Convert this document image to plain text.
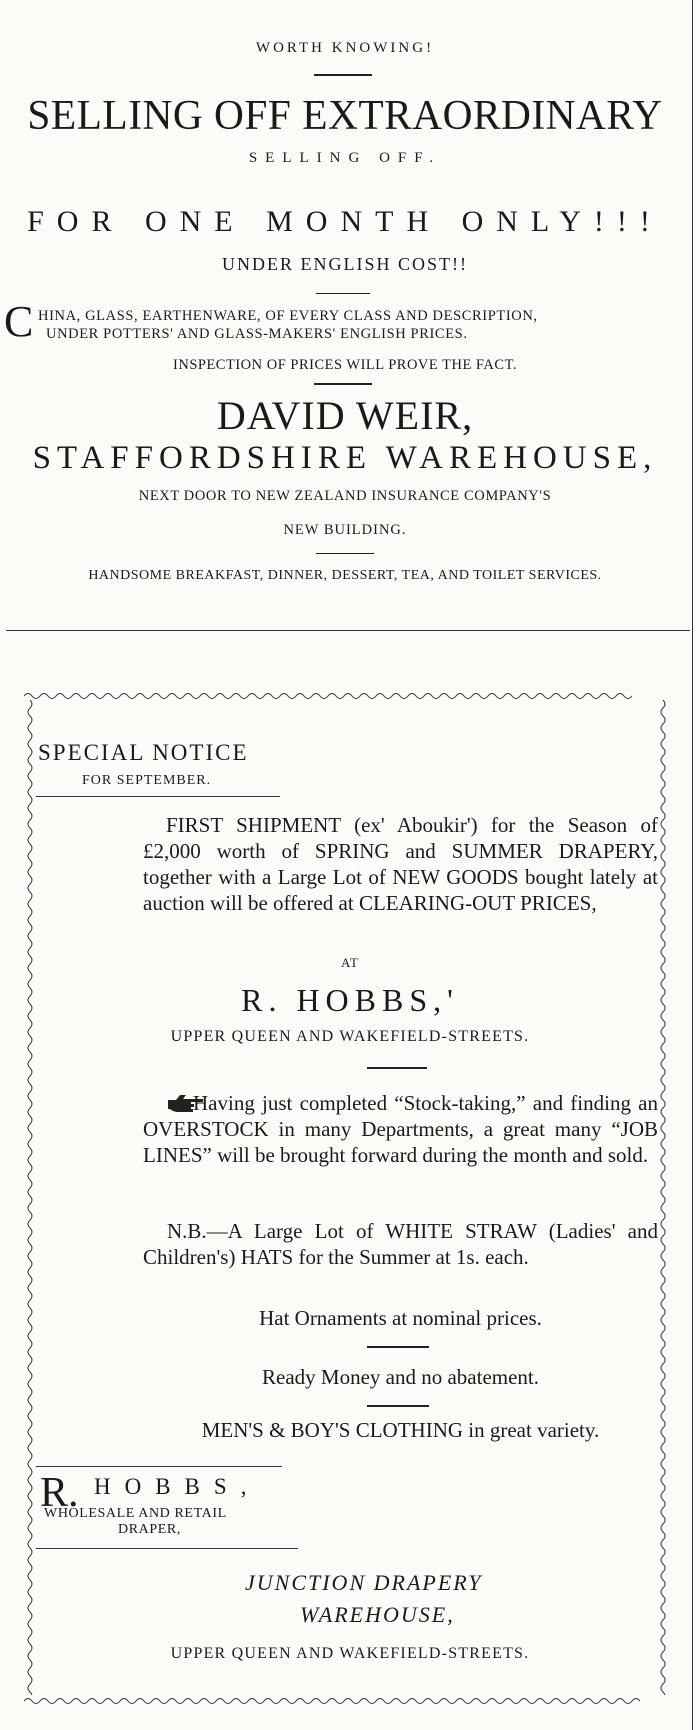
WORTH KNOWING!
SELLING OFF EXTRAORDINARY
SELLING OFF.
FOR ONE MONTH ONLY!!!
UNDER ENGLISH COST!!
C HINA, GLASS, EARTHENWARE, OF EVERY CLASS AND DESCRIPTION,
UNDER POTTERS' AND GLASS-MAKERS' ENGLISH PRICES.
INSPECTION OF PRICES WILL PROVE THE FACT.
DAVID WEIR,
STAFFORDSHIRE WAREHOUSE,
NEXT DOOR TO NEW ZEALAND INSURANCE COMPANY'S
NEW BUILDING.
HANDSOME BREAKFAST, DINNER, DESSERT, TEA, AND TOILET SERVICES.
SPECIAL NOTICE
FOR SEPTEMBER.
FIRST SHIPMENT (ex' Aboukir') for the Season of £2,000 worth of SPRING and SUMMER DRAPERY, together with a Large Lot of NEW GOODS bought lately at auction will be offered at CLEARING-OUT PRICES,
AT
R. HOBBS,'
UPPER QUEEN AND WAKEFIELD-STREETS.
Having just completed “Stock-taking,” and finding an OVERSTOCK in many Departments, a great many “JOB LINES” will be brought forward during the month and sold.
N.B.—A Large Lot of WHITE STRAW (Ladies' and Children's) HATS for the Summer at 1s. each.
Hat Ornaments at nominal prices.
Ready Money and no abatement.
MEN'S & BOY'S CLOTHING in great variety.
R. HOBBS,
WHOLESALE AND RETAIL
DRAPER,
JUNCTION DRAPERY
WAREHOUSE,
UPPER QUEEN AND WAKEFIELD-STREETS.
